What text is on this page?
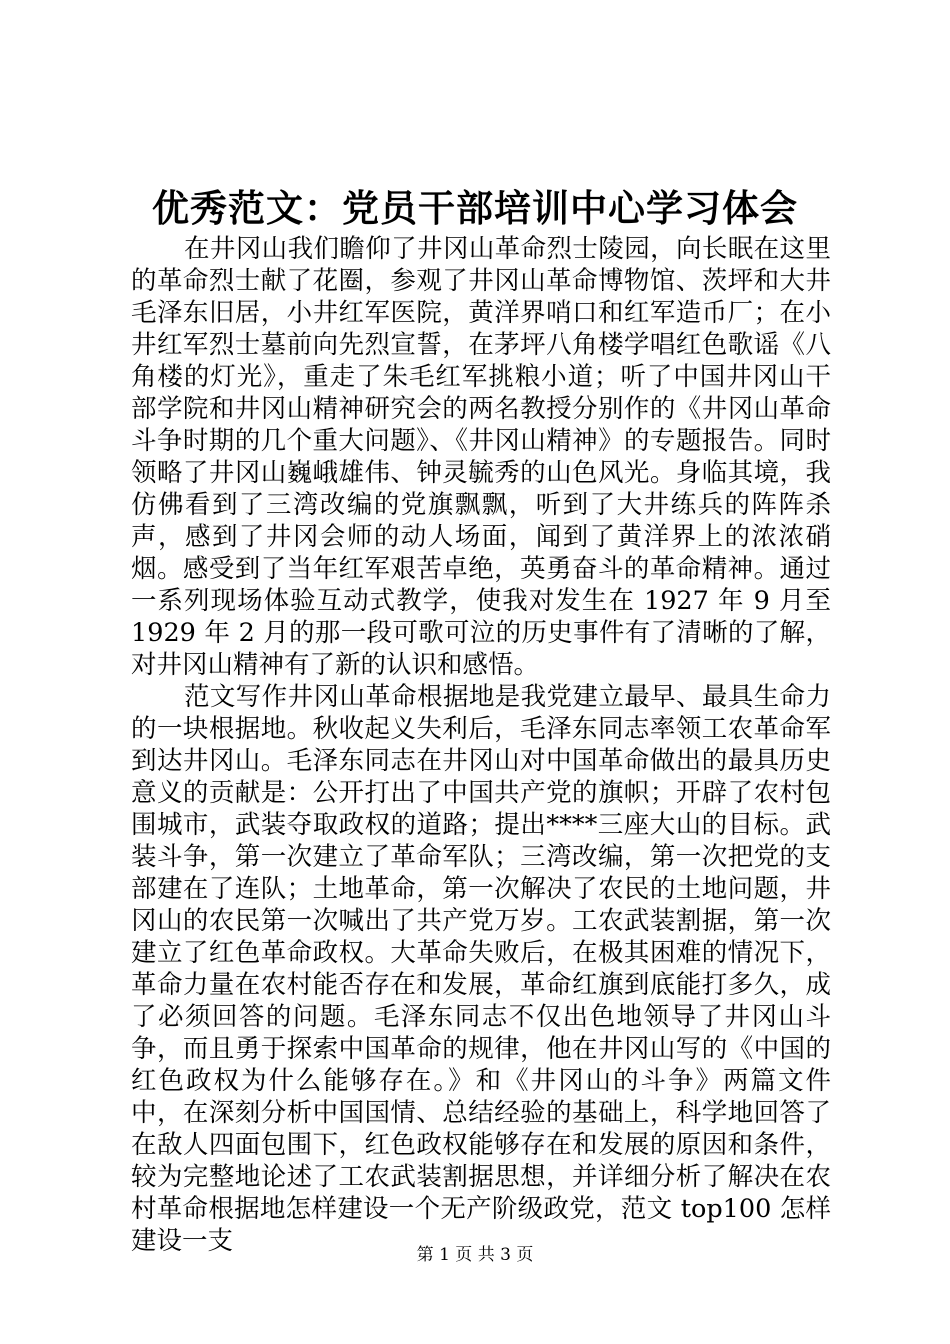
优秀范文：党员干部培训中心学习体会

在井冈山我们瞻仰了井冈山革命烈士陵园，向长眠在这里的革命烈士献了花圈，参观了井冈山革命博物馆、茨坪和大井毛泽东旧居，小井红军医院，黄洋界哨口和红军造币厂；在小井红军烈士墓前向先烈宣誓，在茅坪八角楼学唱红色歌谣《八角楼的灯光》，重走了朱毛红军挑粮小道；听了中国井冈山干部学院和井冈山精神研究会的两名教授分别作的《井冈山革命斗争时期的几个重大问题》、《井冈山精神》的专题报告。同时领略了井冈山巍峨雄伟、钟灵毓秀的山色风光。身临其境，我仿佛看到了三湾改编的党旗飘飘，听到了大井练兵的阵阵杀声，感到了井冈会师的动人场面，闻到了黄洋界上的浓浓硝烟。感受到了当年红军艰苦卓绝，英勇奋斗的革命精神。通过一系列现场体验互动式教学，使我对发生在 1927 年 9 月至 1929 年 2 月的那一段可歌可泣的历史事件有了清晰的了解，对井冈山精神有了新的认识和感悟。

范文写作井冈山革命根据地是我党建立最早、最具生命力的一块根据地。秋收起义失利后，毛泽东同志率领工农革命军到达井冈山。毛泽东同志在井冈山对中国革命做出的最具历史意义的贡献是：公开打出了中国共产党的旗帜；开辟了农村包围城市，武装夺取政权的道路；提出****三座大山的目标。武装斗争，第一次建立了革命军队；三湾改编，第一次把党的支部建在了连队；土地革命，第一次解决了农民的土地问题，井冈山的农民第一次喊出了共产党万岁。工农武装割据，第一次建立了红色革命政权。大革命失败后，在极其困难的情况下，革命力量在农村能否存在和发展，革命红旗到底能打多久，成了必须回答的问题。毛泽东同志不仅出色地领导了井冈山斗争，而且勇于探索中国革命的规律，他在井冈山写的《中国的红色政权为什么能够存在。》和《井冈山的斗争》两篇文件中，在深刻分析中国国情、总结经验的基础上，科学地回答了在敌人四面包围下，红色政权能够存在和发展的原因和条件，较为完整地论述了工农武装割据思想，并详细分析了解决在农村革命根据地怎样建设一个无产阶级政党，范文 top100 怎样建设一支	第 1 页 共 3 页
